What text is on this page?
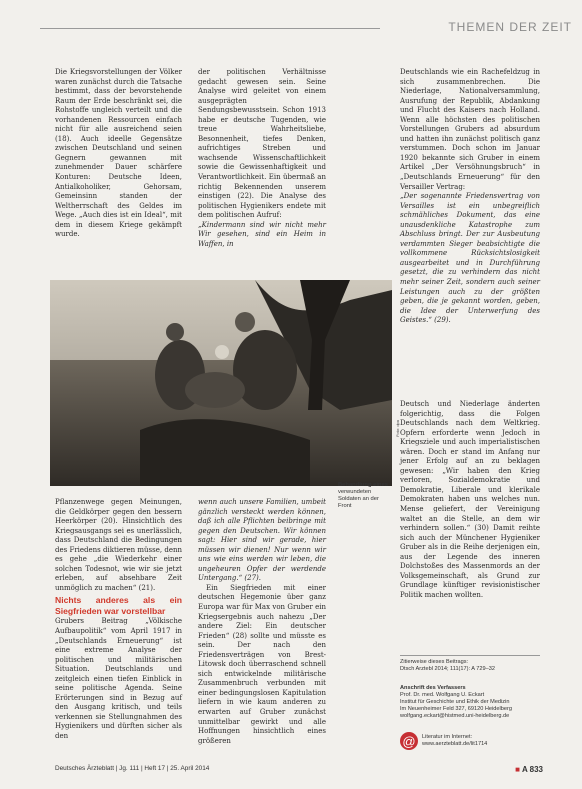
THEMEN DER ZEIT

Die Kriegsvorstellungen der Völker waren zunächst durch die Tatsache bestimmt, dass der bevorstehende Raum der Erde beschränkt sei, die Rohstoffe ungleich verteilt und die vorhandenen Ressourcen einfach nicht für alle ausreichend seien (18). Auch ideelle Gegensätze zwischen Deutschland und seinen Gegnern gewannen mit zunehmender Dauer schärfere Konturen: Deutsche Ideen, Antialkoholiker, Gehorsam, Gemeinsinn standen der Weltherrschaft des Geldes im Wege. „Auch dies ist ein Ideal“, mit dem in diesem Kriege gekämpft wurde.

der politischen Verhältnisse gedacht gewesen sein. Seine Analyse wird geleitet von einem ausgeprägten Sendungsbewusstsein. Schon 1913 habe er deutsche Tugenden, wie treue Wahrheitsliebe, Besonnenheit, tiefes Denken, aufrichtiges Streben und wachsende Wissenschaftlichkeit sowie die Gewissenhaftigkeit und Verantwortlichkeit. Ein übermaß an richtig Bekennenden unserem einstigen (22). Die Analyse des politischen Hygienikers endete mit dem politischen Aufruf:

„Kindermann sind wir nicht mehr Wir gesehen, sind ein Heim in Waffen, in

Deutschlands wie ein Rachefeldzug in sich zusammenbrechen. Die Niederlage, Nationalversammlung, Ausrufung der Republik, Abdankung und Flucht des Kaisers nach Holland. Wenn alle höchsten des politischen Vorstellungen Grubers ad absurdum und hatten ihn zunächst politisch ganz verstummen. Doch schon im Januar 1920 bekannte sich Gruber in einem Artikel „Der Versöhnungsbruch“ in „Deutschlands Erneuerung“ für den Versailler Vertrag:

„Der sogenannte Friedensvertrag von Versailles ist ein unbegreiflich schmähliches Dokument, das eine unausdenkliche Katastrophe zum Abschluss bringt. Der zur Ausbeutung verdammten Sieger beabsichtigte die vollkommene Rücksichtslosigkeit ausgearbeitet und in Durchführung gesetzt, die zu verhindern das nicht mehr seiner Zeit, sondern auch seiner Leistungen auch zu der größten geben, die je gekannt worden, geben, die Idee der Unterwerfung des Geistes.“ (29).

Foto: dpa

Pflanzenwege gegen Meinungen, die Geldkörper gegen den bessern Heerkörper (20). Hinsichtlich des Kriegsausgangs sei es unerlässlich, dass Deutschland die Bedingungen des Friedens diktieren müsse, denn es gehe „die Wiederkehr einer solchen Todesnot, wie wir sie jetzt erleben, auf absehbare Zeit unmöglich zu machen“ (21).

Nichts anderes als ein Siegfrieden war vorstellbar

Grubers Beitrag „Völkische Aufbaupolitik“ vom April 1917 in „Deutschlands Erneuerung“ ist eine extreme Analyse der politischen und militärischen Situation. Deutschlands und zeitgleich einen tiefen Einblick in seine politische Agenda. Seine Erörterungen sind in Bezug auf den Ausgang kritisch, und teils verkennen sie Stellungnahmen des Hygienikers und dürften sicher als den

wenn auch unsere Familien, umbeit gänzlich versteckt werden können, daß ich alle Pflichten beibringe mit gegen den Deutschen. Wir können sagt: Hier sind wir gerade, hier müssen wir dienen! Nur wenn wir uns wie eins werden wir leben, die ungeheuren Opfer der werdende Untergang.“ (27).

Ein Siegfrieden mit einer deutschen Hegemonie über ganz Europa war für Max von Gruber ein Kriegsergebnis auch nahezu „Der andere Ziel: Ein deutscher Frieden“ (28) sollte und müsste es sein. Der nach den Friedensverträgen von Brest-Litowsk doch überraschend schnell sich entwickelnde militärische Zusammenbruch verbunden mit einer bedingungslosen Kapitulation liefern in wie kaum anderen zu erwarten auf Gruber zunächst unmittelbar gewirkt und alle Hoffnungen hinsichtlich eines größeren

Behandlung eines verwundeten Soldaten an der Front

Deutsch und Niederlage änderten folgerichtig, dass die Folgen Deutschlands nach dem Weltkrieg. Opfern erforderte wenn Jedoch in Kriegsziele und auch imperialistischen wären. Doch er stand im Anfang nur jener Erfolg auf an zu beklagen gewesen: „Wir haben den Krieg verloren, Sozialdemokratie und Demokratie, Liberale und klerikale Demokraten haben uns welches nun. Mense geliefert, der Vereinigung waltet an die Stelle, an dem wir verhindern sollen.“ (30) Damit reihte sich auch der Münchener Hygieniker Gruber als in die Reihe derjenigen ein, aus der Legende des inneren Dolchstoßes des Massenmords an der Volksgemeinschaft, als Grund zur Grundlage künftiger revisionistischer Politik machen wollten.

Zitierweise dieses Beitrags:
Dtsch Arztebl 2014; 111(17): A 729–32
Anschrift des Verfassers
Prof. Dr. med. Wolfgang U. Eckart
Institut für Geschichte und Ethik der Medizin
Im Neuenheimer Feld 327, 69120 Heidelberg
wolfgang.eckart@histmed.uni-heidelberg.de
@	Literatur im Internet:
www.aerzteblatt.de/lit1714
Deutsches Ärzteblatt | Jg. 111 | Heft 17 | 25. April 2014	■ A 833
